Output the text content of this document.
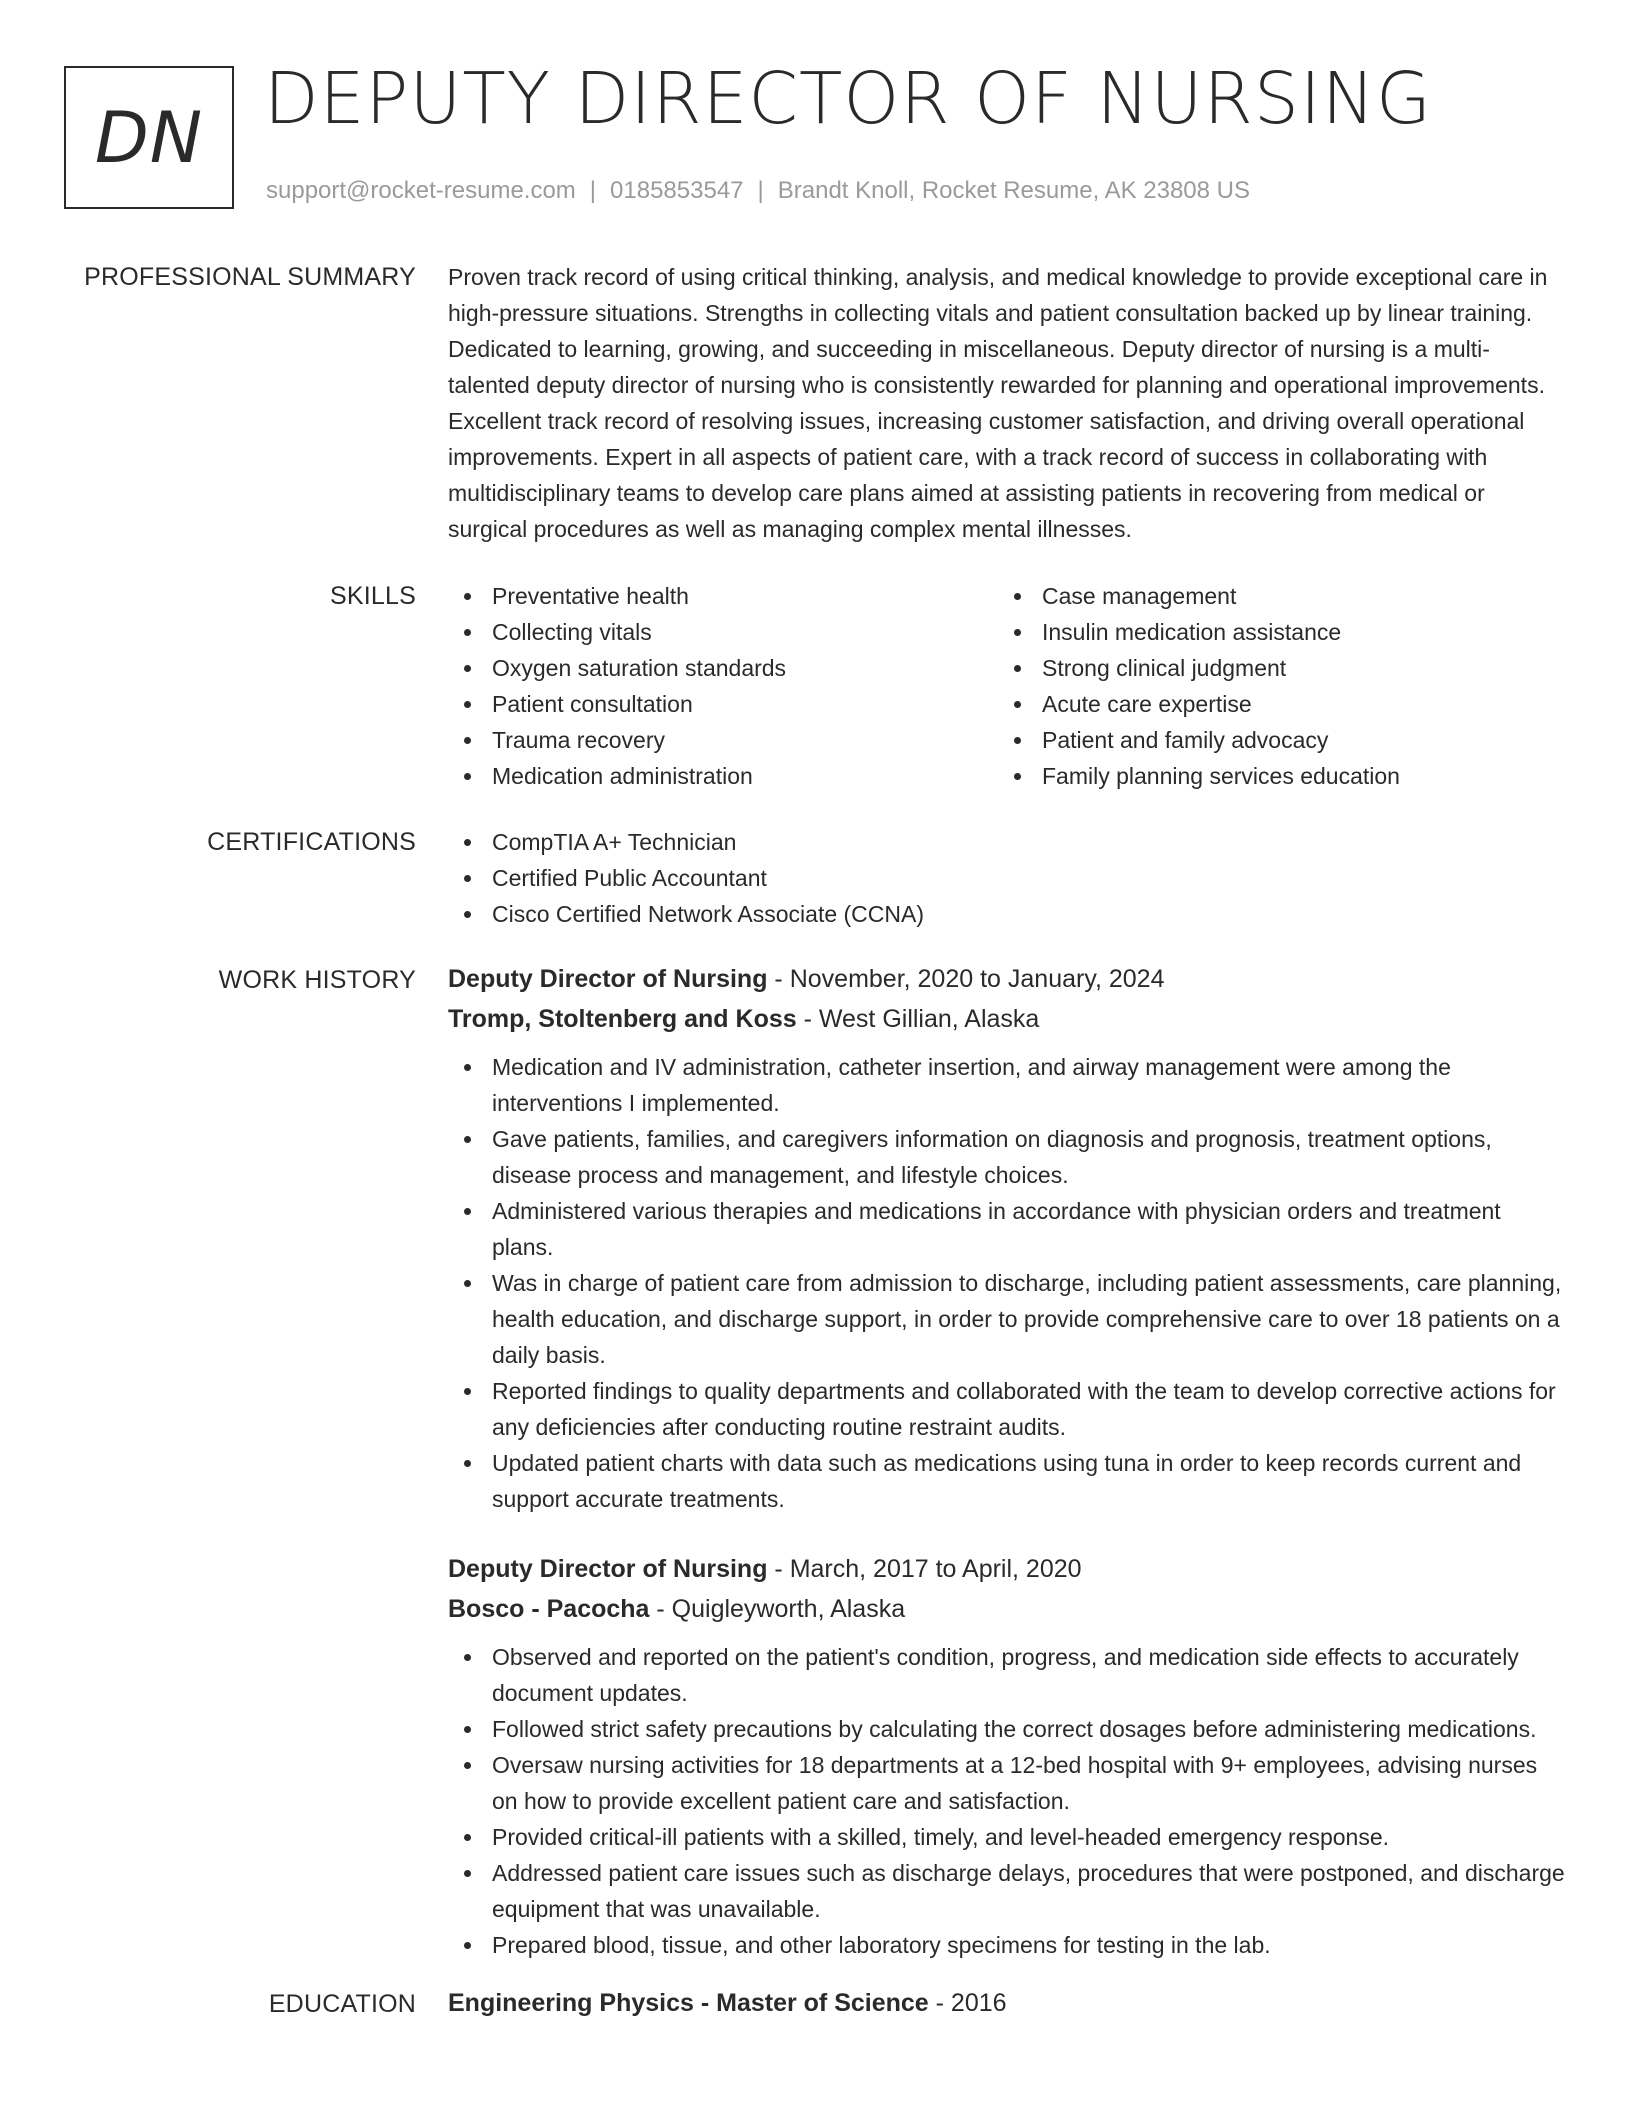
DN DEPUTY DIRECTOR OF NURSING
support@rocket-resume.com | 0185853547 | Brandt Knoll, Rocket Resume, AK 23808 US
PROFESSIONAL SUMMARY Proven track record of using critical thinking, analysis, and medical knowledge to provide exceptional care in high-pressure situations. Strengths in collecting vitals and patient consultation backed up by linear training. Dedicated to learning, growing, and succeeding in miscellaneous. Deputy director of nursing is a multi-talented deputy director of nursing who is consistently rewarded for planning and operational improvements. Excellent track record of resolving issues, increasing customer satisfaction, and driving overall operational improvements. Expert in all aspects of patient care, with a track record of success in collaborating with multidisciplinary teams to develop care plans aimed at assisting patients in recovering from medical or surgical procedures as well as managing complex mental illnesses.

SKILLS	Preventative health	Case management
Collecting vitals	Insulin medication assistance
Oxygen saturation standards	Strong clinical judgment
Patient consultation	Acute care expertise
Trauma recovery	Patient and family advocacy
Medication administration	Family planning services education
CERTIFICATIONS	CompTIA A+ Technician
Certified Public Accountant
Cisco Certified Network Associate (CCNA)
WORK HISTORY Deputy Director of Nursing - November, 2020 to January, 2024
Tromp, Stoltenberg and Koss - West Gillian, Alaska
Medication and IV administration, catheter insertion, and airway management were among the interventions I implemented.
Gave patients, families, and caregivers information on diagnosis and prognosis, treatment options, disease process and management, and lifestyle choices.
Administered various therapies and medications in accordance with physician orders and treatment plans.
Was in charge of patient care from admission to discharge, including patient assessments, care planning, health education, and discharge support, in order to provide comprehensive care to over 18 patients on a daily basis.
Reported findings to quality departments and collaborated with the team to develop corrective actions for any deficiencies after conducting routine restraint audits.
Updated patient charts with data such as medications using tuna in order to keep records current and support accurate treatments.
Deputy Director of Nursing - March, 2017 to April, 2020
Bosco - Pacocha - Quigleyworth, Alaska
Observed and reported on the patient's condition, progress, and medication side effects to accurately document updates.
Followed strict safety precautions by calculating the correct dosages before administering medications.
Oversaw nursing activities for 18 departments at a 12-bed hospital with 9+ employees, advising nurses on how to provide excellent patient care and satisfaction.
Provided critical-ill patients with a skilled, timely, and level-headed emergency response.
Addressed patient care issues such as discharge delays, procedures that were postponed, and discharge equipment that was unavailable.
Prepared blood, tissue, and other laboratory specimens for testing in the lab.
EDUCATION Engineering Physics - Master of Science - 2016
